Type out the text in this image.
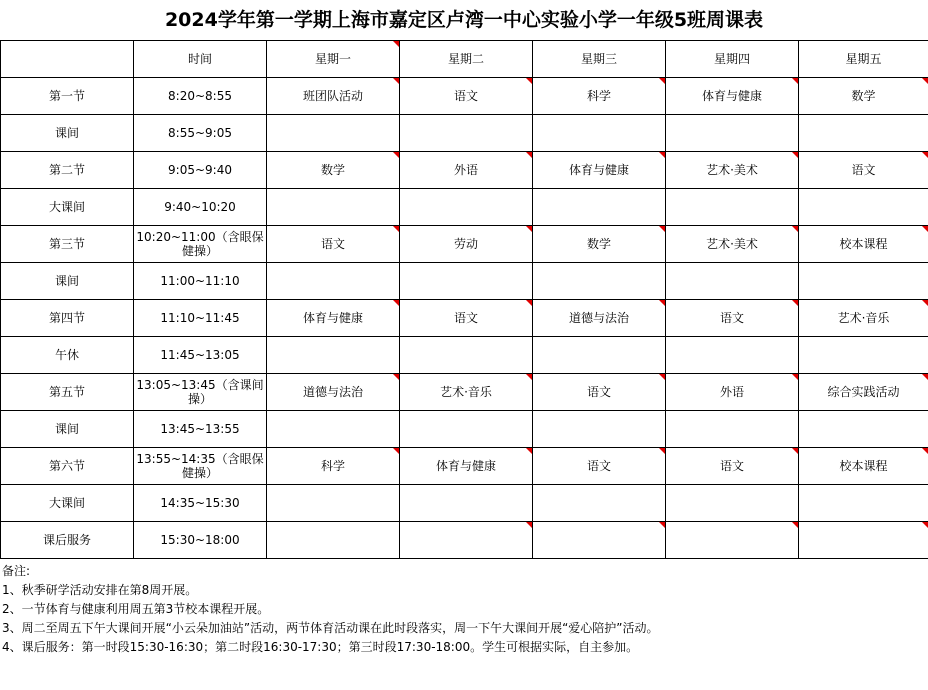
2024学年第一学期上海市嘉定区卢湾一中心实验小学一年级5班周课表
	时间	星期一	星期二	星期三	星期四	星期五
第一节	8:20~8:55	班团队活动	语文	科学	体育与健康	数学
课间	8:55~9:05					
第二节	9:05~9:40	数学	外语	体育与健康	艺术·美术	语文
大课间	9:40~10:20					
第三节	10:20~11:00（含眼保健操）	语文	劳动	数学	艺术·美术	校本课程
课间	11:00~11:10					
第四节	11:10~11:45	体育与健康	语文	道德与法治	语文	艺术·音乐
午休	11:45~13:05					
第五节	13:05~13:45（含课间操）	道德与法治	艺术·音乐	语文	外语	综合实践活动
课间	13:45~13:55					
第六节	13:55~14:35（含眼保健操）	科学	体育与健康	语文	语文	校本课程
大课间	14:35~15:30					
课后服务	15:30~18:00					
备注:
1、秋季研学活动安排在第8周开展。
2、一节体育与健康利用周五第3节校本课程开展。
3、周二至周五下午大课间开展“小云朵加油站”活动，两节体育活动课在此时段落实，周一下午大课间开展“爱心陪护”活动。
4、课后服务：第一时段15:30-16:30；第二时段16:30-17:30；第三时段17:30-18:00。学生可根据实际，自主参加。
